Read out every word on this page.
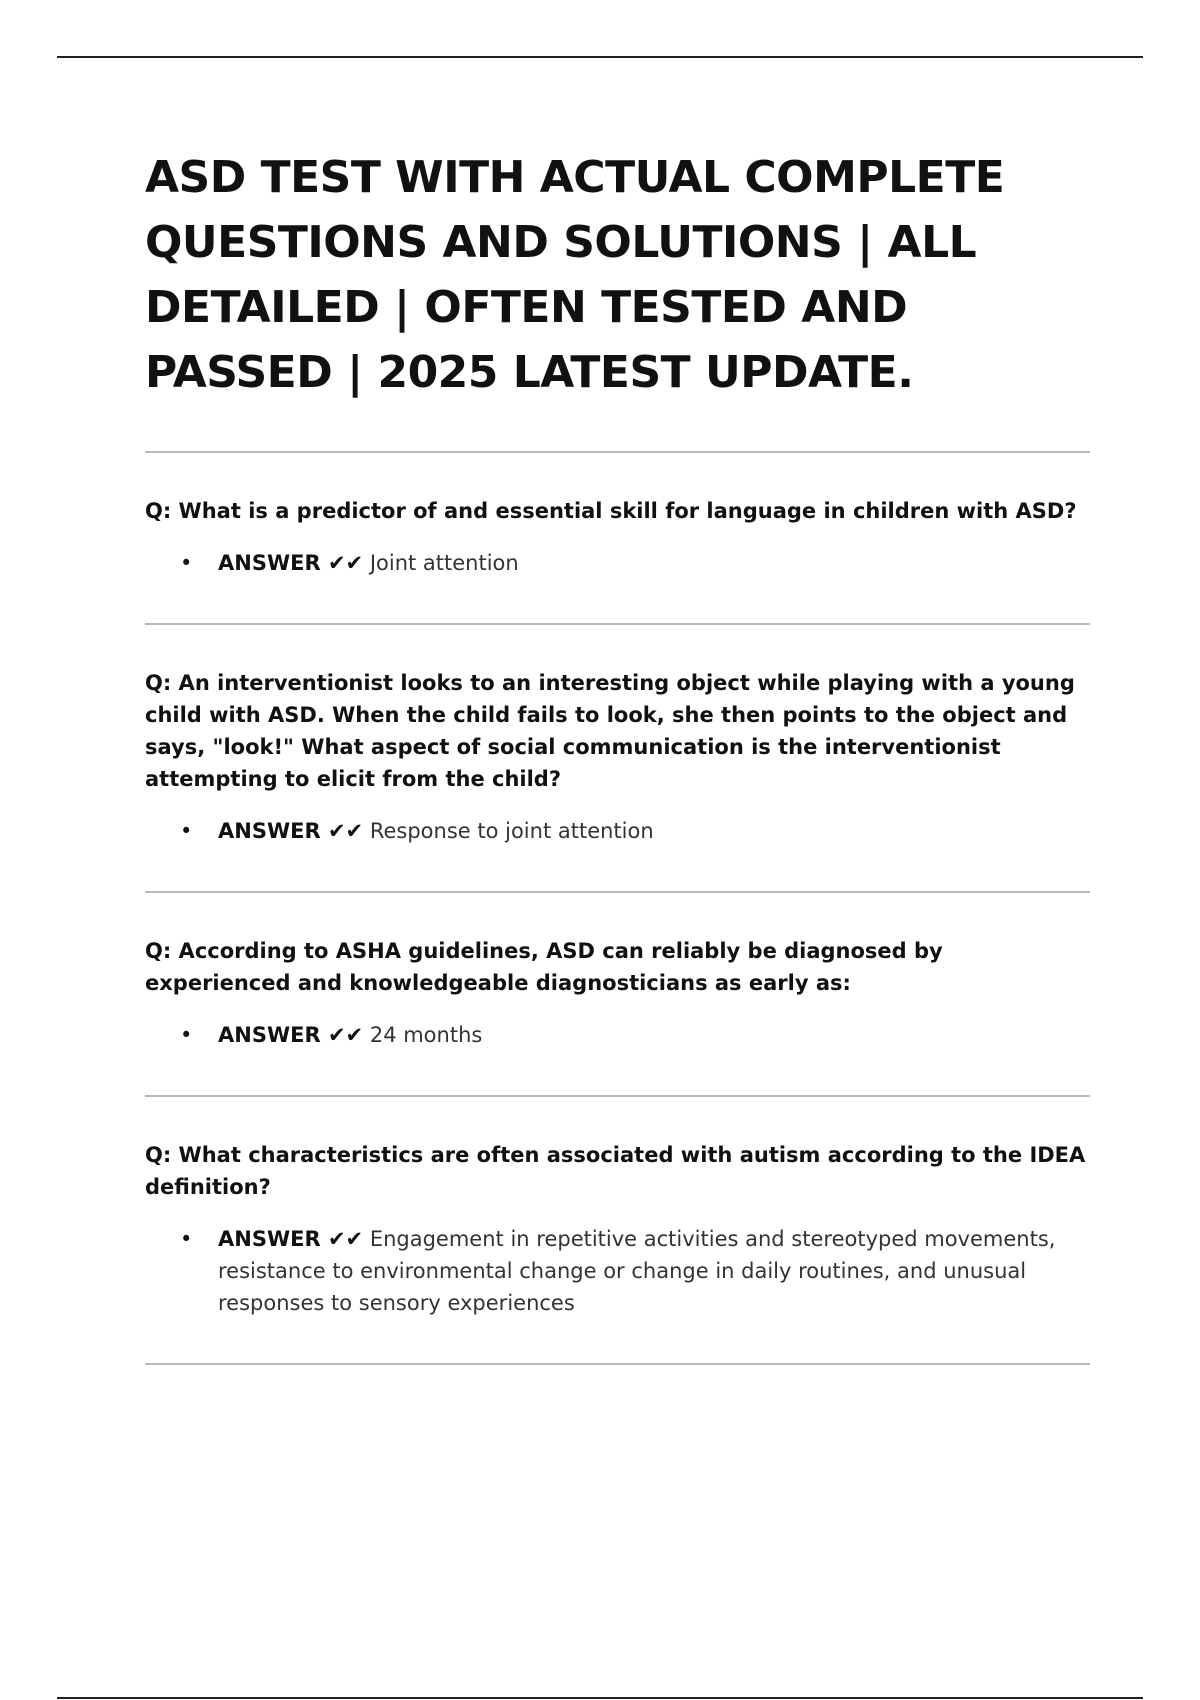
ASD TEST WITH ACTUAL COMPLETE QUESTIONS AND SOLUTIONS | ALL DETAILED | OFTEN TESTED AND PASSED | 2025 LATEST UPDATE.

Q: What is a predictor of and essential skill for language in children with ASD?

• ANSWER ✔✔ Joint attention

Q: An interventionist looks to an interesting object while playing with a young child with ASD. When the child fails to look, she then points to the object and says, "look!" What aspect of social communication is the interventionist attempting to elicit from the child?

• ANSWER ✔✔ Response to joint attention

Q: According to ASHA guidelines, ASD can reliably be diagnosed by experienced and knowledgeable diagnosticians as early as:

• ANSWER ✔✔ 24 months

Q: What characteristics are often associated with autism according to the IDEA definition?

• ANSWER ✔✔ Engagement in repetitive activities and stereotyped movements, resistance to environmental change or change in daily routines, and unusual responses to sensory experiences
